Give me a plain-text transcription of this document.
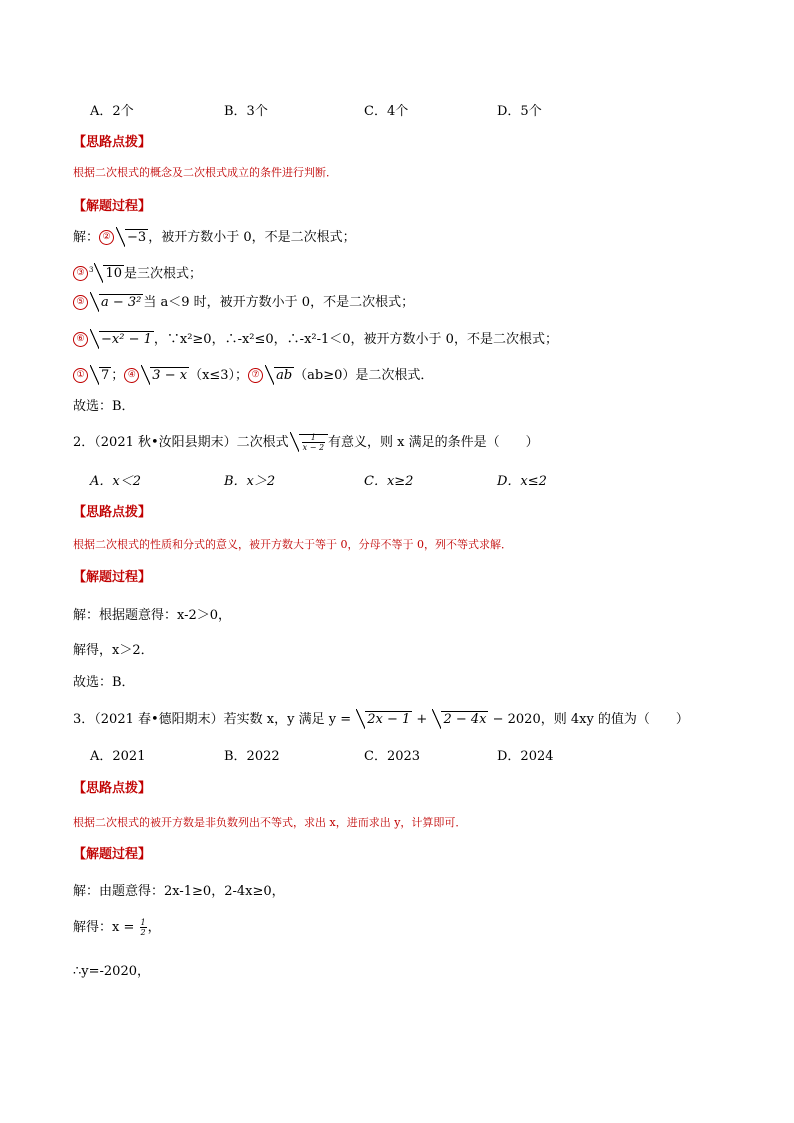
A．2个	B．3个	C．4个	D．5个
【思路点拨】
根据二次根式的概念及二次根式成立的条件进行判断．
【解题过程】
解： ② −3 ，被开方数小于 0，不是二次根式；
③ $^3$ 10 是三次根式；
⑤ a − 3² 当 a＜9 时，被开方数小于 0，不是二次根式；
⑥ −x² − 1 ，∵x²≥0，∴-x²≤0，∴-x²-1＜0，被开方数小于 0，不是二次根式；
① 7 ； ④ 3 − x （x≤3）； ⑦ ab （ab≥0）是二次根式．
故选：B．
2．（2021 秋•汝阳县期末）二次根式 $\frac{1}{x - 2}$ 有意义，则 x 满足的条件是（　　）
A．x＜2	B．x＞2	C．x≥2	D．x≤2
【思路点拨】
根据二次根式的性质和分式的意义，被开方数大于等于 0，分母不等于 0，列不等式求解．
【解题过程】
解：根据题意得：x-2＞0，
解得，x＞2．
故选：B．
3．（2021 春•德阳期末）若实数 x，y 满足 y = 2x − 1 + 2 − 4x − 2020，则 4xy 的值为（　　）
A．2021	B．2022	C．2023	D．2024
【思路点拨】
根据二次根式的被开方数是非负数列出不等式，求出 x，进而求出 y，计算即可．
【解题过程】
解：由题意得：2x-1≥0，2-4x≥0，
解得：$x = \frac{1}{2}$ ，
∴y=-2020，
